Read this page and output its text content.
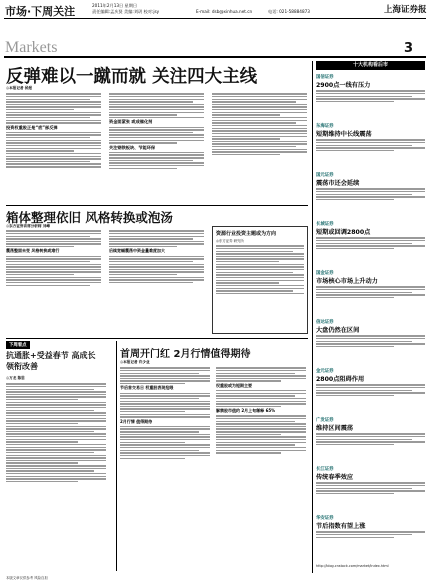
市场·下周关注
Markets
2011年2月13日 星期日
责任编辑:孟庆贤 美编:刘玥 校对:jsy	E-mail: dsb@xinhua.net.cn	电话: 021-58884873	上海证券报
3
反弹难以一蹴而就 关注四大主线
◎本报记者 侯煜
投资权重股正是“底”部反弹
资金面紧张 或成催化剂
关注钢铁板块、节能环保
箱体整理依旧 风格转换或泡汤
◎东方证券首席分析师 刘峰
震荡整固未变 风格转换或难行	后续宽幅震荡中资金量难度加大
资源行业投资主题或为方向
◎东方证券 研究所
下周看点
抗通胀+受益春节 高成长领衔改善
◎万龙 陈思
首周开门红 2月行情值得期待
◎本报记者 许少业
节后首交易日 权重股表现抢眼
2月行情 值得期待
权重股或为短期主要
解禁股市值约 2月上旬稀释 65%
十大机构看后市
国信证券
2900点一线有压力
东海证券
短期维持中长线震荡
国元证券
震荡市还会延续
长城证券
短期或回调2800点
国金证券
市场核心市场上升动力
信达证券
大盘仍然在区间
金元证券
2800点阻碍作用
广发证券
维持区间震荡
长江证券
传统春季效应
华安证券
节后指数有望上涨
http://blog.cnstock.com/market/Index.html
本版文章仅供参考 风险自担
